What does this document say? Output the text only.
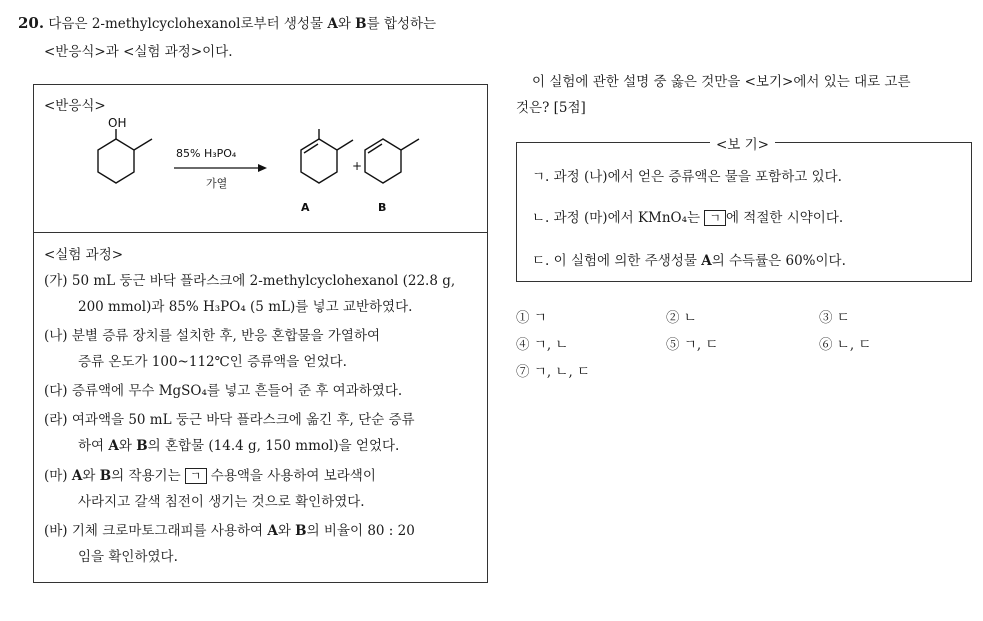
20. 다음은 2-methylcyclohexanol로부터 생성물 A와 B를 합성하는
<반응식>과 <실험 과정>이다.
<반응식>
OH
85% H₃PO₄
가열
+
A	B
<실험 과정>
(가) 50 mL 둥근 바닥 플라스크에 2-methylcyclohexanol (22.8 g,
200 mmol)과 85% H₃PO₄ (5 mL)를 넣고 교반하였다.
(나) 분별 증류 장치를 설치한 후, 반응 혼합물을 가열하여
증류 온도가 100~112℃인 증류액을 얻었다.
(다) 증류액에 무수 MgSO₄를 넣고 흔들어 준 후 여과하였다.
(라) 여과액을 50 mL 둥근 바닥 플라스크에 옮긴 후, 단순 증류
하여 A와 B의 혼합물 (14.4 g, 150 mmol)을 얻었다.
(마) A와 B의 작용기는 ㄱ 수용액을 사용하여 보라색이
사라지고 갈색 침전이 생기는 것으로 확인하였다.
(바) 기체 크로마토그래피를 사용하여 A와 B의 비율이 80 : 20
임을 확인하였다.
이 실험에 관한 설명 중 옳은 것만을 <보기>에서 있는 대로 고른
것은? [5점]
<보 기>
ㄱ. 과정 (나)에서 얻은 증류액은 물을 포함하고 있다.
ㄴ. 과정 (마)에서 KMnO₄는 ㄱ 에 적절한 시약이다.
ㄷ. 이 실험에 의한 주생성물 A의 수득률은 60%이다.
① ㄱ	② ㄴ	③ ㄷ
④ ㄱ, ㄴ	⑤ ㄱ, ㄷ	⑥ ㄴ, ㄷ
⑦ ㄱ, ㄴ, ㄷ
